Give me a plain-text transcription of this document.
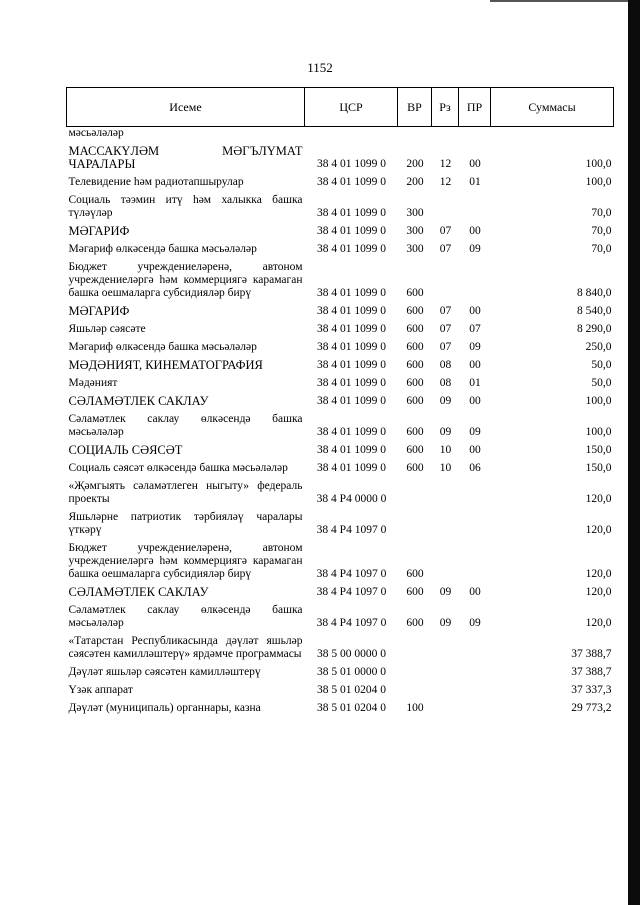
1152
Исеме	ЦСР	ВР	Рз	ПР	Суммасы
мәсьәләләр					
МАССАКҮЛӘМ МӘГЪЛҮМАТ ЧАРАЛАРЫ	38 4 01 1099 0	200	12	00	100,0
Телевидение һәм радиотапшырулар	38 4 01 1099 0	200	12	01	100,0
Социаль тәэмин итү һәм халыкка башка түләүләр	38 4 01 1099 0	300			70,0
МӘГАРИФ	38 4 01 1099 0	300	07	00	70,0
Мәгариф өлкәсендә башка мәсьәләләр	38 4 01 1099 0	300	07	09	70,0
Бюджет учреждениеләренә, автоном учреждениеләргә һәм коммерциягә карамаган башка оешмаларга субсидияләр бирү	38 4 01 1099 0	600			8 840,0
МӘГАРИФ	38 4 01 1099 0	600	07	00	8 540,0
Яшьләр сәясәте	38 4 01 1099 0	600	07	07	8 290,0
Мәгариф өлкәсендә башка мәсьәләләр	38 4 01 1099 0	600	07	09	250,0
МӘДӘНИЯТ, КИНЕМАТОГРАФИЯ	38 4 01 1099 0	600	08	00	50,0
Мәдәният	38 4 01 1099 0	600	08	01	50,0
СӘЛАМӘТЛЕК САКЛАУ	38 4 01 1099 0	600	09	00	100,0
Сәламәтлек саклау өлкәсендә башка мәсьәләләр	38 4 01 1099 0	600	09	09	100,0
СОЦИАЛЬ СӘЯСӘТ	38 4 01 1099 0	600	10	00	150,0
Социаль сәясәт өлкәсендә башка мәсьәләләр	38 4 01 1099 0	600	10	06	150,0
«Җәмгыять сәламәтлеген ныгыту» федераль проекты	38 4 P4 0000 0				120,0
Яшьләрне патриотик тәрбияләү чаралары үткәрү	38 4 P4 1097 0				120,0
Бюджет учреждениеләренә, автоном учреждениеләргә һәм коммерциягә карамаган башка оешмаларга субсидияләр бирү	38 4 P4 1097 0	600			120,0
СӘЛАМӘТЛЕК САКЛАУ	38 4 P4 1097 0	600	09	00	120,0
Сәламәтлек саклау өлкәсендә башка мәсьәләләр	38 4 P4 1097 0	600	09	09	120,0
«Татарстан Республикасында дәүләт яшьләр сәясәтен камилләштерү» ярдәмче программасы	38 5 00 0000 0				37 388,7
Дәүләт яшьләр сәясәтен камилләштерү	38 5 01 0000 0				37 388,7
Үзәк аппарат	38 5 01 0204 0				37 337,3
Дәүләт (муниципаль) органнары, казна	38 5 01 0204 0	100			29 773,2
